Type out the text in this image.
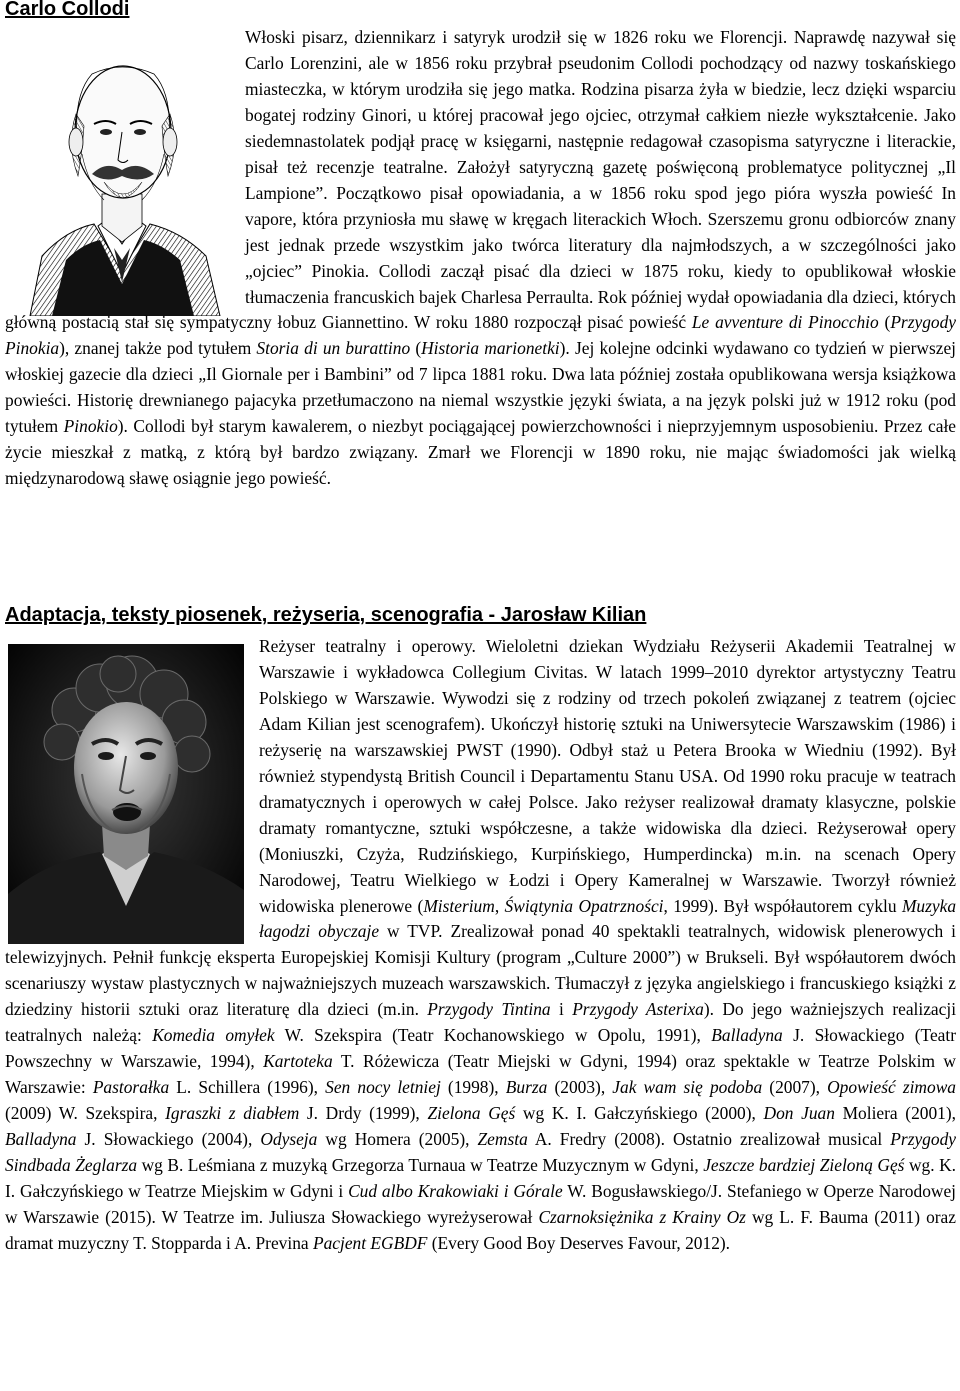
Carlo Collodi

Włoski pisarz, dziennikarz i satyryk urodził się w 1826 roku we Florencji. Naprawdę nazywał się Carlo Lorenzini, ale w 1856 roku przybrał pseudonim Collodi pochodzący od nazwy toskańskiego miasteczka, w którym urodziła się jego matka. Rodzina pisarza żyła w biedzie, lecz dzięki wsparciu bogatej rodziny Ginori, u której pracował jego ojciec, otrzymał całkiem niezłe wykształcenie. Jako siedemnastolatek podjął pracę w księgarni, następnie redagował czasopisma satyryczne i literackie, pisał też recenzje teatralne. Założył satyryczną gazetę poświęconą problematyce politycznej „Il Lampione”. Początkowo pisał opowiadania, a w 1856 roku spod jego pióra wyszła powieść In vapore, która przyniosła mu sławę w kręgach literackich Włoch. Szerszemu gronu odbiorców znany jest jednak przede wszystkim jako twórca literatury dla najmłodszych, a w szczególności jako „ojciec” Pinokia. Collodi zaczął pisać dla dzieci w 1875 roku, kiedy to opublikował włoskie tłumaczenia francuskich bajek Charlesa Perraulta. Rok później wydał opowiadania dla dzieci, których główną postacią stał się sympatyczny łobuz Giannettino. W roku 1880 rozpoczął pisać powieść Le avventure di Pinocchio (Przygody Pinokia), znanej także pod tytułem Storia di un burattino (Historia marionetki). Jej kolejne odcinki wydawano co tydzień w pierwszej włoskiej gazecie dla dzieci „Il Giornale per i Bambini” od 7 lipca 1881 roku. Dwa lata później została opublikowana wersja książkowa powieści. Historię drewnianego pajacyka przetłumaczono na niemal wszystkie języki świata, a na język polski już w 1912 roku (pod tytułem Pinokio). Collodi był starym kawalerem, o niezbyt pociągającej powierzchowności i nieprzyjemnym usposobieniu. Przez całe życie mieszkał z matką, z którą był bardzo związany. Zmarł we Florencji w 1890 roku, nie mając świadomości jak wielką międzynarodową sławę osiągnie jego powieść.

Adaptacja, teksty piosenek, reżyseria, scenografia - Jarosław Kilian

Reżyser teatralny i operowy. Wieloletni dziekan Wydziału Reżyserii Akademii Teatralnej w Warszawie i wykładowca Collegium Civitas. W latach 1999–2010 dyrektor artystyczny Teatru Polskiego w Warszawie. Wywodzi się z rodziny od trzech pokoleń związanej z teatrem (ojciec Adam Kilian jest scenografem). Ukończył historię sztuki na Uniwersytecie Warszawskim (1986) i reżyserię na warszawskiej PWST (1990). Odbył staż u Petera Brooka w Wiedniu (1992). Był również stypendystą British Council i Departamentu Stanu USA. Od 1990 roku pracuje w teatrach dramatycznych i operowych w całej Polsce. Jako reżyser realizował dramaty klasyczne, polskie dramaty romantyczne, sztuki współczesne, a także widowiska dla dzieci. Reżyserował opery (Moniuszki, Czyża, Rudzińskiego, Kurpińskiego, Humperdincka) m.in. na scenach Opery Narodowej, Teatru Wielkiego w Łodzi i Opery Kameralnej w Warszawie. Tworzył również widowiska plenerowe (Misterium, Świątynia Opatrzności, 1999). Był współautorem cyklu Muzyka łagodzi obyczaje w TVP. Zrealizował ponad 40 spektakli teatralnych, widowisk plenerowych i telewizyjnych. Pełnił funkcję eksperta Europejskiej Komisji Kultury (program „Culture 2000”) w Brukseli. Był współautorem dwóch scenariuszy wystaw plastycznych w najważniejszych muzeach warszawskich. Tłumaczył z języka angielskiego i francuskiego książki z dziedziny historii sztuki oraz literaturę dla dzieci (m.in. Przygody Tintina i Przygody Asterixa). Do jego ważniejszych realizacji teatralnych należą: Komedia omyłek W. Szekspira (Teatr Kochanowskiego w Opolu, 1991), Balladyna J. Słowackiego (Teatr Powszechny w Warszawie, 1994), Kartoteka T. Różewicza (Teatr Miejski w Gdyni, 1994) oraz spektakle w Teatrze Polskim w Warszawie: Pastorałka L. Schillera (1996), Sen nocy letniej (1998), Burza (2003), Jak wam się podoba (2007), Opowieść zimowa (2009) W. Szekspira, Igraszki z diabłem J. Drdy (1999), Zielona Gęś wg K. I. Gałczyńskiego (2000), Don Juan Moliera (2001), Balladyna J. Słowackiego (2004), Odyseja wg Homera (2005), Zemsta A. Fredry (2008). Ostatnio zrealizował musical Przygody Sindbada Żeglarza wg B. Leśmiana z muzyką Grzegorza Turnaua w Teatrze Muzycznym w Gdyni, Jeszcze bardziej Zieloną Gęś wg. K. I. Gałczyńskiego w Teatrze Miejskim w Gdyni i Cud albo Krakowiaki i Górale W. Bogusławskiego/J. Stefaniego w Operze Narodowej w Warszawie (2015). W Teatrze im. Juliusza Słowackiego wyreżyserował Czarnoksiężnika z Krainy Oz wg L. F. Bauma (2011) oraz dramat muzyczny T. Stopparda i A. Previna Pacjent EGBDF (Every Good Boy Deserves Favour, 2012).
